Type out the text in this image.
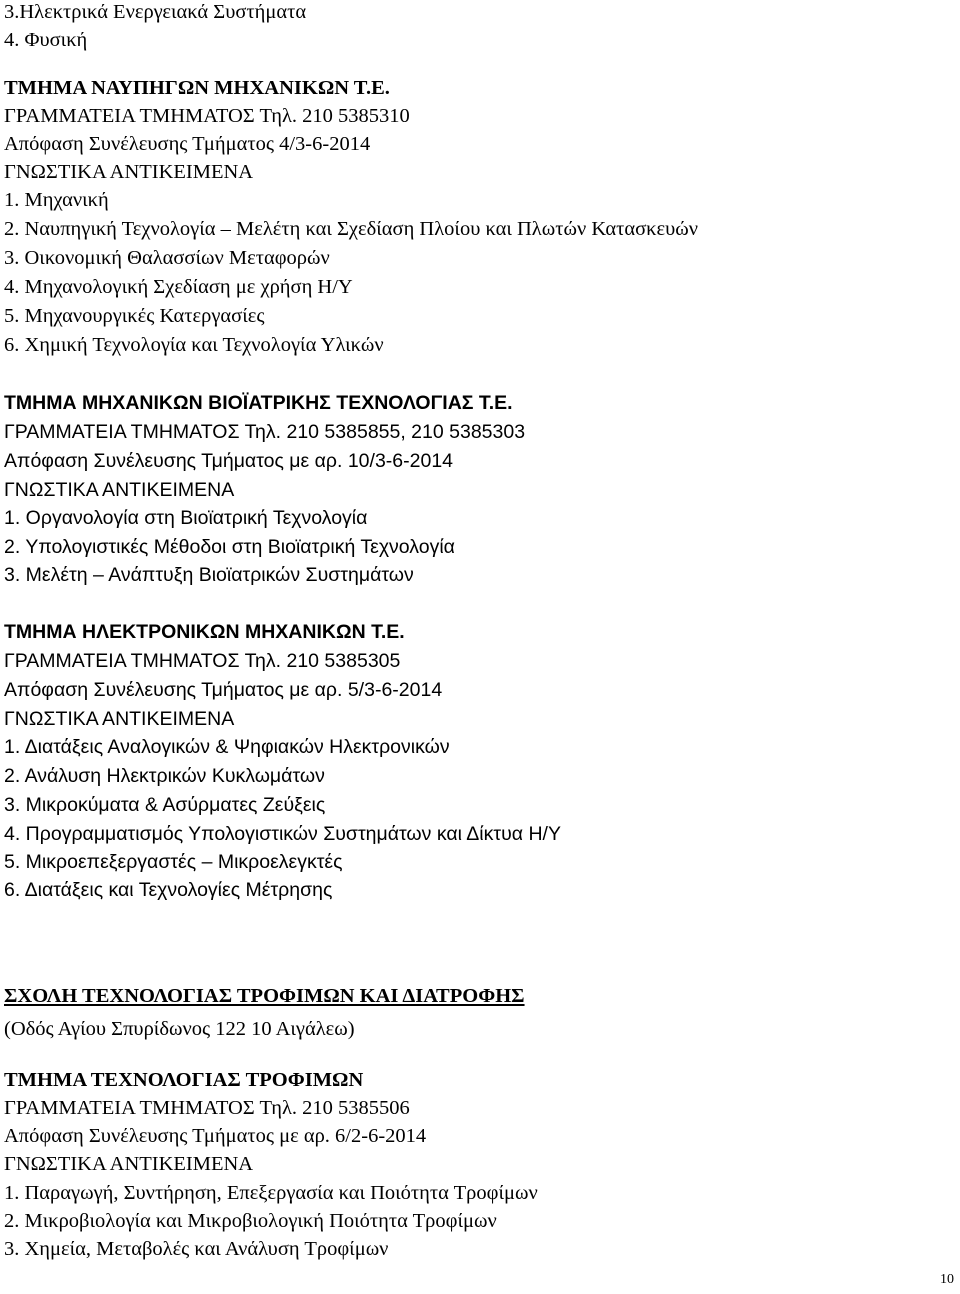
3.Ηλεκτρικά Ενεργειακά Συστήματα

4. Φυσική

ΤΜΗΜΑ ΝΑΥΠΗΓΩΝ ΜΗΧΑΝΙΚΩΝ Τ.Ε.

ΓΡΑΜΜΑΤΕΙΑ ΤΜΗΜΑΤΟΣ Τηλ. 210 5385310

Απόφαση Συνέλευσης Τμήματος 4/3-6-2014

ΓΝΩΣΤΙΚΑ ΑΝΤΙΚΕΙΜΕΝΑ

1. Μηχανική

2. Ναυπηγική Τεχνολογία – Μελέτη και Σχεδίαση Πλοίου και Πλωτών Κατασκευών

3. Οικονομική Θαλασσίων Μεταφορών

4. Μηχανολογική Σχεδίαση με χρήση Η/Υ

5. Μηχανουργικές Κατεργασίες

6. Χημική Τεχνολογία και Τεχνολογία Υλικών

ΤΜΗΜΑ ΜΗΧΑΝΙΚΩΝ ΒΙΟΪΑΤΡΙΚΗΣ ΤΕΧΝΟΛΟΓΙΑΣ Τ.Ε.

ΓΡΑΜΜΑΤΕΙΑ ΤΜΗΜΑΤΟΣ Τηλ. 210 5385855, 210 5385303

Απόφαση Συνέλευσης Τμήματος με αρ. 10/3-6-2014

ΓΝΩΣΤΙΚΑ ΑΝΤΙΚΕΙΜΕΝΑ

1. Οργανολογία στη Βιοϊατρική Τεχνολογία

2. Υπολογιστικές Μέθοδοι στη Βιοϊατρική Τεχνολογία

3. Μελέτη – Ανάπτυξη Βιοϊατρικών Συστημάτων

ΤΜΗΜΑ ΗΛΕΚΤΡΟΝΙΚΩΝ ΜΗΧΑΝΙΚΩΝ Τ.Ε.

ΓΡΑΜΜΑΤΕΙΑ ΤΜΗΜΑΤΟΣ Τηλ. 210 5385305

Απόφαση Συνέλευσης Τμήματος με αρ. 5/3-6-2014

ΓΝΩΣΤΙΚΑ ΑΝΤΙΚΕΙΜΕΝΑ

1. Διατάξεις Αναλογικών & Ψηφιακών Ηλεκτρονικών

2. Ανάλυση Ηλεκτρικών Κυκλωμάτων

3. Μικροκύματα & Ασύρματες Ζεύξεις

4. Προγραμματισμός Υπολογιστικών Συστημάτων και Δίκτυα Η/Υ

5. Μικροεπεξεργαστές – Μικροελεγκτές

6. Διατάξεις και Τεχνολογίες Μέτρησης

ΣΧΟΛΗ ΤΕΧΝΟΛΟΓΙΑΣ ΤΡΟΦΙΜΩΝ ΚΑΙ ΔΙΑΤΡΟΦΗΣ

(Οδός Αγίου Σπυρίδωνος 122 10 Αιγάλεω)

ΤΜΗΜΑ ΤΕΧΝΟΛΟΓΙΑΣ ΤΡΟΦΙΜΩΝ

ΓΡΑΜΜΑΤΕΙΑ ΤΜΗΜΑΤΟΣ Τηλ. 210 5385506

Απόφαση Συνέλευσης Τμήματος με αρ. 6/2-6-2014

ΓΝΩΣΤΙΚΑ ΑΝΤΙΚΕΙΜΕΝΑ

1. Παραγωγή, Συντήρηση, Επεξεργασία και Ποιότητα Τροφίμων

2. Μικροβιολογία και Μικροβιολογική Ποιότητα Τροφίμων

3. Χημεία, Μεταβολές και Ανάλυση Τροφίμων

10
